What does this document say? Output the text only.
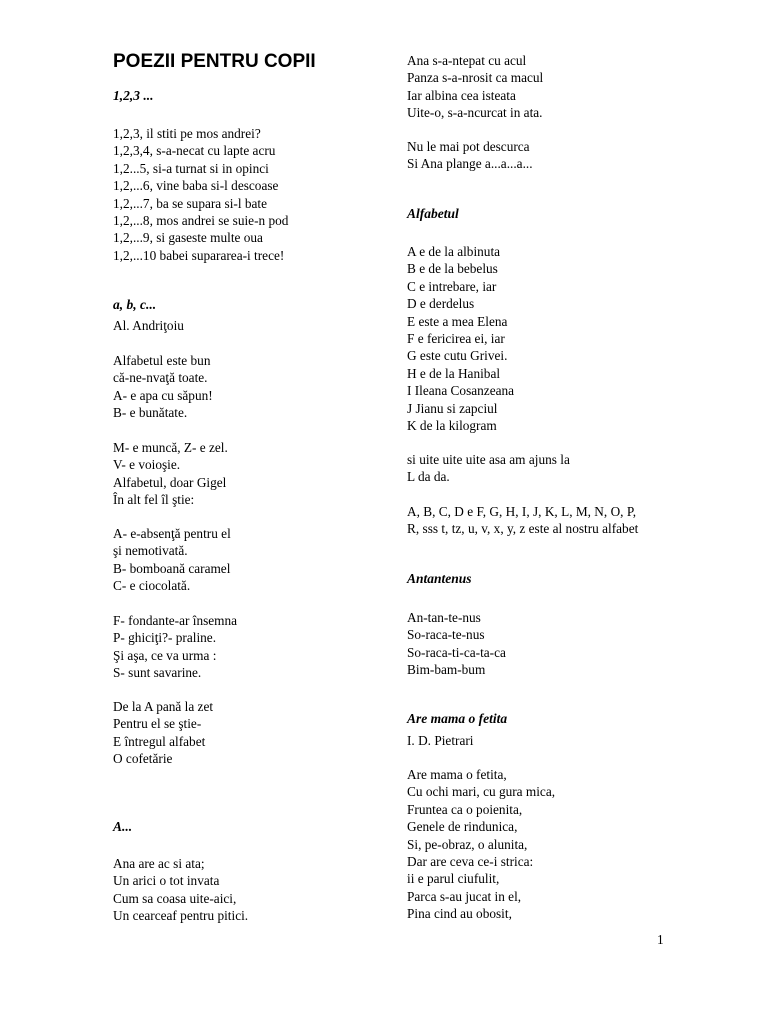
POEZII PENTRU COPII
1,2,3 ...
1,2,3, il stiti pe mos andrei?
1,2,3,4, s-a-necat cu lapte acru
1,2...5, si-a turnat si in opinci
1,2,...6, vine baba si-l descoase
1,2,...7, ba se supara si-l bate
1,2,...8, mos andrei se suie-n pod
1,2,...9, si gaseste multe oua
1,2,...10 babei supararea-i trece!
a, b, c...
Al. Andriţoiu
Alfabetul este bun
că-ne-nvaţă toate.
A- e apa cu săpun!
B- e bunătate.
M- e muncă, Z- e zel.
V- e voioşie.
Alfabetul, doar Gigel
În alt fel îl ştie:
A- e-absenţă pentru el
şi nemotivată.
B- bomboană caramel
C- e ciocolată.
F- fondante-ar însemna
P- ghiciţi?- praline.
Şi aşa, ce va urma :
S- sunt savarine.
De la A pană la zet
Pentru el se ştie-
E întregul alfabet
O cofetărie
A...
Ana are ac si ata;
Un arici o tot invata
Cum sa coasa uite-aici,
Un cearceaf pentru pitici.
Ana s-a-ntepat cu acul
Panza s-a-nrosit ca macul
Iar albina cea isteata
Uite-o, s-a-ncurcat in ata.
Nu le mai pot descurca
Si Ana plange a...a...a...
Alfabetul
A e de la albinuta
B e de la bebelus
C e intrebare, iar
D e derdelus
E este a mea Elena
F e fericirea ei, iar
G este cutu Grivei.
H e de la Hanibal
I Ileana Cosanzeana
J Jianu si zapciul
K de la kilogram
si uite uite uite asa am ajuns la
L da da.
A, B, C, D e F, G, H, I, J, K, L, M, N, O, P,
R, sss t, tz, u, v, x, y, z este al nostru alfabet
Antantenus
An-tan-te-nus
So-raca-te-nus
So-raca-ti-ca-ta-ca
Bim-bam-bum
Are mama o fetita
I. D. Pietrari
Are mama o fetita,
Cu ochi mari, cu gura mica,
Fruntea ca o poienita,
Genele de rindunica,
Si, pe-obraz, o alunita,
Dar are ceva ce-i strica:
ii e parul ciufulit,
Parca s-au jucat in el,
Pina cind au obosit,
1
